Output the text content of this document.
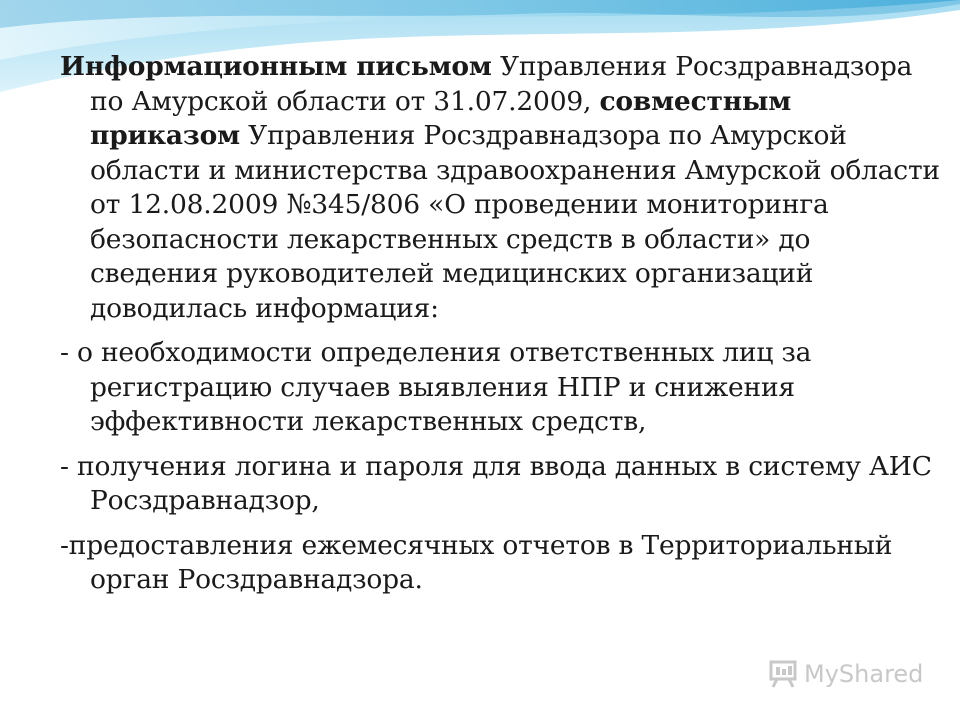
Информационным письмом Управления Росздравнадзора по Амурской области от 31.07.2009, совместным приказом Управления Росздравнадзора по Амурской области и министерства здравоохранения Амурской области от 12.08.2009 №345/806 «О проведении мониторинга безопасности лекарственных средств в области» до сведения руководителей медицинских организаций доводилась информация:

- о необходимости определения ответственных лиц за регистрацию случаев выявления НПР и снижения эффективности лекарственных средств,

- получения логина и пароля для ввода данных в систему АИС Росздравнадзор,

-предоставления ежемесячных отчетов в Территориальный орган Росздравнадзора.

MyShared
